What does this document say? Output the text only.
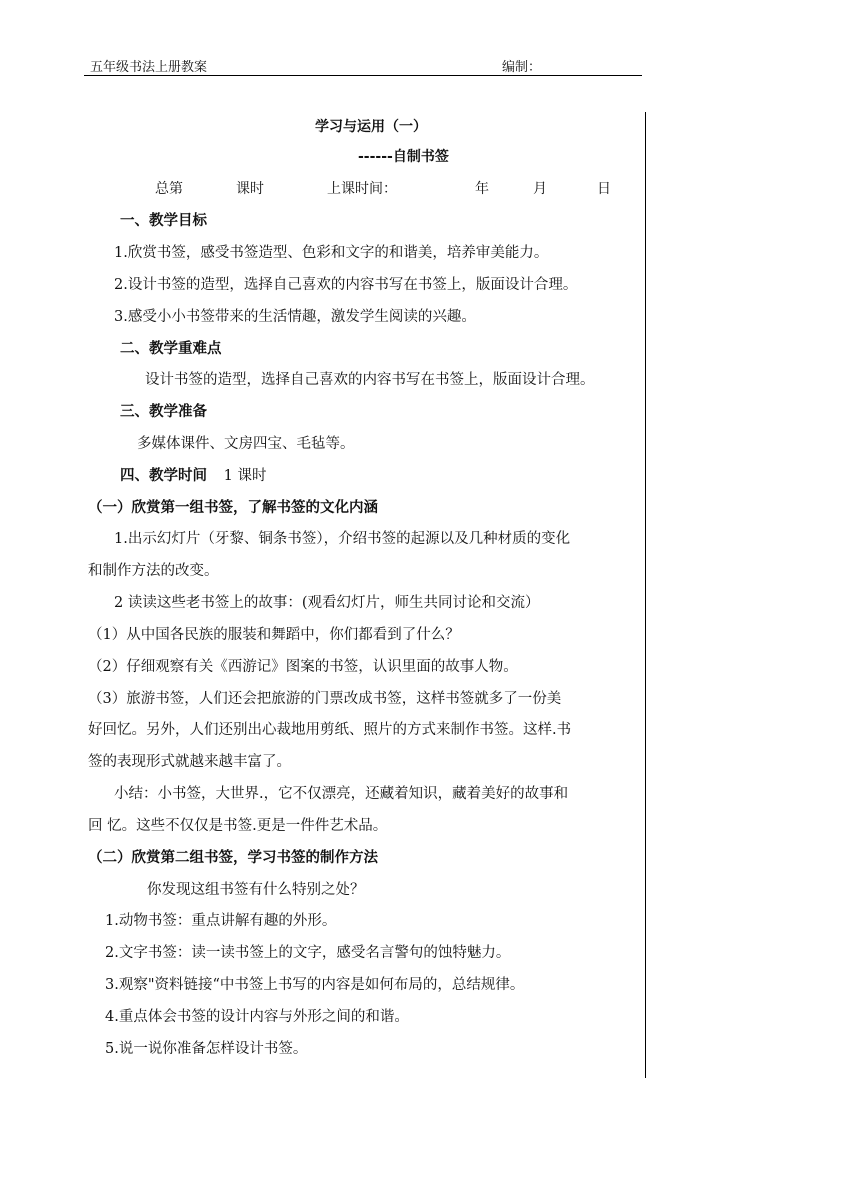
五年级书法上册教案	编制：
学习与运用（一）
------自制书签
总第	课时	上课时间：	年	月	日
一、教学目标
1.欣赏书签，感受书签造型、色彩和文字的和谐美，培养审美能力。
2.设计书签的造型，选择自己喜欢的内容书写在书签上，版面设计合理。
3.感受小小书签带来的生活情趣，激发学生阅读的兴趣。
二、教学重难点
设计书签的造型，选择自己喜欢的内容书写在书签上，版面设计合理。
三、教学准备
多媒体课件、文房四宝、毛毡等。
四、教学时间 1 课时
（一）欣赏第一组书签，了解书签的文化内涵
1.出示幻灯片（牙黎、铜条书签），介绍书签的起源以及几种材质的变化
和制作方法的改变。
2 读读这些老书签上的故事：(观看幻灯片，师生共同讨论和交流）
（1）从中国各民族的服装和舞蹈中，你们都看到了什么？
（2）仔细观察有关《西游记》图案的书签，认识里面的故事人物。
（3）旅游书签，人们还会把旅游的门票改成书签，这样书签就多了一份美
好回忆。另外，人们还别出心裁地用剪纸、照片的方式来制作书签。这样.书
签的表现形式就越来越丰富了。
小结：小书签，大世界.，它不仅漂亮，还藏着知识，藏着美好的故事和
回 忆。这些不仅仅是书签.更是一件件艺术品。
（二）欣赏第二组书签，学习书签的制作方法
你发现这组书签有什么特别之处？
1.动物书签：重点讲解有趣的外形。
2.文字书签：读一读书签上的文字，感受名言警句的蚀特魅力。
3.观察"资料链接“中书签上书写的内容是如何布局的，总结规律。
4.重点体会书签的设计内容与外形之间的和谐。
5.说一说你准备怎样设计书签。
